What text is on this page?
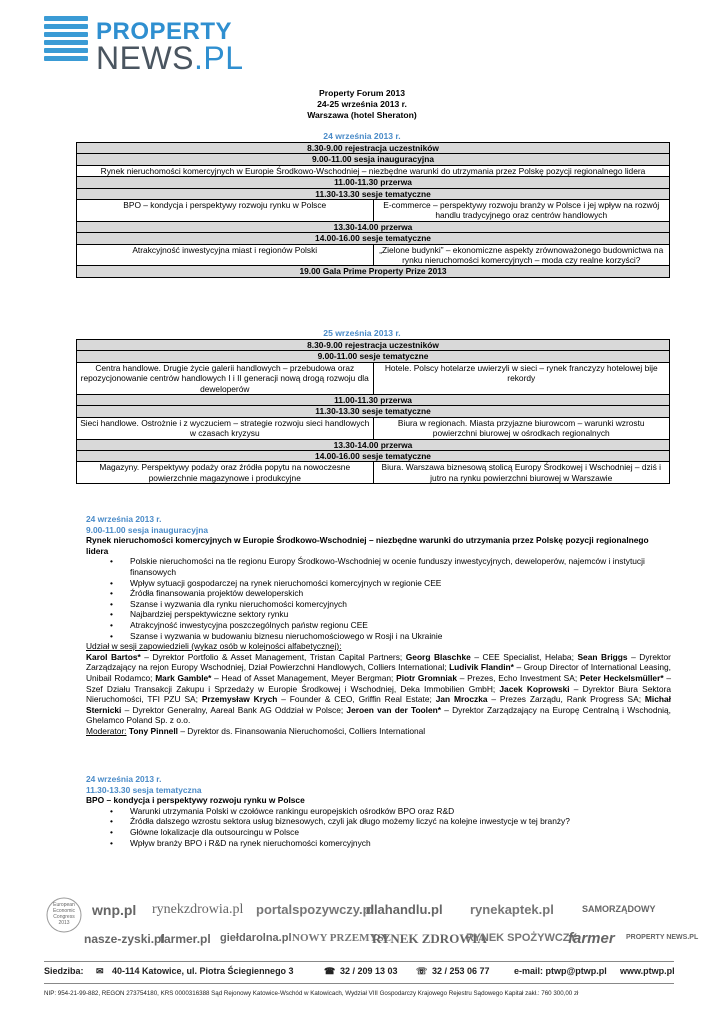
PROPERTY
NEWS.PL
Property Forum 2013
24-25 września 2013 r.
Warszawa (hotel Sheraton)
24 września 2013 r.
8.30-9.00 rejestracja uczestników	
9.00-11.00 sesja inauguracyjna	
Rynek nieruchomości komercyjnych w Europie Środkowo-Wschodniej – niezbędne warunki do utrzymania przez Polskę pozycji regionalnego lidera	
11.00-11.30 przerwa	
11.30-13.30 sesje tematyczne	
BPO – kondycja i perspektywy rozwoju rynku w Polsce	E-commerce – perspektywy rozwoju branży w Polsce i jej wpływ na rozwój handlu tradycyjnego oraz centrów handlowych
13.30-14.00 przerwa	
14.00-16.00 sesje tematyczne	
Atrakcyjność inwestycyjna miast i regionów Polski	„Zielone budynki” – ekonomiczne aspekty zrównoważonego budownictwa na rynku nieruchomości komercyjnych – moda czy realne korzyści?
19.00 Gala Prime Property Prize 2013	
25 września 2013 r.
8.30-9.00 rejestracja uczestników	
9.00-11.00 sesje tematyczne	
Centra handlowe. Drugie życie galerii handlowych – przebudowa oraz repozycjonowanie centrów handlowych I i II generacji nową drogą rozwoju dla deweloperów	Hotele. Polscy hotelarze uwierzyli w sieci – rynek franczyzy hotelowej bije rekordy
11.00-11.30 przerwa	
11.30-13.30 sesje tematyczne	
Sieci handlowe. Ostrożnie i z wyczuciem – strategie rozwoju sieci handlowych w czasach kryzysu	Biura w regionach. Miasta przyjazne biurowcom – warunki wzrostu powierzchni biurowej w ośrodkach regionalnych
13.30-14.00 przerwa	
14.00-16.00 sesje tematyczne	
Magazyny. Perspektywy podaży oraz źródła popytu na nowoczesne powierzchnie magazynowe i produkcyjne	Biura. Warszawa biznesową stolicą Europy Środkowej i Wschodniej – dziś i jutro na rynku powierzchni biurowej w Warszawie
24 września 2013 r.
9.00-11.00 sesja inauguracyjna
Rynek nieruchomości komercyjnych w Europie Środkowo-Wschodniej – niezbędne warunki do utrzymania przez Polskę pozycji regionalnego lidera
• Polskie nieruchomości na tle regionu Europy Środkowo-Wschodniej w ocenie funduszy inwestycyjnych, deweloperów, najemców i instytucji finansowych
• Wpływ sytuacji gospodarczej na rynek nieruchomości komercyjnych w regionie CEE
• Źródła finansowania projektów deweloperskich
• Szanse i wyzwania dla rynku nieruchomości komercyjnych
• Najbardziej perspektywiczne sektory rynku
• Atrakcyjność inwestycyjna poszczególnych państw regionu CEE
• Szanse i wyzwania w budowaniu biznesu nieruchomościowego w Rosji i na Ukrainie
Udział w sesji zapowiedzieli (wykaz osób w kolejności alfabetycznej):
Karol Bartos* – Dyrektor Portfolio & Asset Management, Tristan Capital Partners; Georg Blaschke – CEE Specialist, Helaba; Sean Briggs – Dyrektor Zarządzający na rejon Europy Wschodniej, Dział Powierzchni Handlowych, Colliers International; Ludivik Flandin* – Group Director of International Leasing, Unibail Rodamco; Mark Gamble* – Head of Asset Management, Meyer Bergman; Piotr Gromniak – Prezes, Echo Investment SA; Peter Heckelsmüller* – Szef Działu Transakcji Zakupu i Sprzedaży w Europie Środkowej i Wschodniej, Deka Immobilien GmbH; Jacek Koprowski – Dyrektor Biura Sektora Nieruchomości, TFI PZU SA; Przemysław Krych – Founder & CEO, Griffin Real Estate; Jan Mroczka – Prezes Zarządu, Rank Progress SA; Michał Sternicki – Dyrektor Generalny, Aareal Bank AG Oddział w Polsce; Jeroen van der Toolen* – Dyrektor Zarządzający na Europę Centralną i Wschodnią, Ghelamco Poland Sp. z o.o.
Moderator: Tony Pinnell – Dyrektor ds. Finansowania Nieruchomości, Colliers International
24 września 2013 r.
11.30-13.30 sesja tematyczna
BPO – kondycja i perspektywy rozwoju rynku w Polsce
• Warunki utrzymania Polski w czołówce rankingu europejskich ośrodków BPO oraz R&D
• Źródła dalszego wzrostu sektora usług biznesowych, czyli jak długo możemy liczyć na kolejne inwestycje w tej branży?
• Główne lokalizacje dla outsourcingu w Polsce
• Wpływ branży BPO i R&D na rynek nieruchomości komercyjnych
European Economic Congress 2013
wnp.pl rynekzdrowia.pl portalspozywczy.pl
dlahandlu.pl rynekaptek.pl	SAMORZĄDOWY
nasze-zyski.pl
farmer.pl giełdarolna.pl NOWY PRZEMYSŁ
RYNEK ZDROWIA
RYNEK SPOŻYWCZY
farmer PROPERTY NEWS.PL
Siedziba: ✉ 40-114 Katowice, ul. Piotra Ściegiennego 3	☎ 32 / 209 13 03 ☏ 32 / 253 06 77	e-mail: ptwp@ptwp.pl www.ptwp.pl
NIP: 954-21-99-882, REGON 273754180, KRS 0000316388 Sąd Rejonowy Katowice-Wschód w Katowicach, Wydział VIII Gospodarczy Krajowego Rejestru Sądowego Kapitał zakł.: 760 300,00 zł
